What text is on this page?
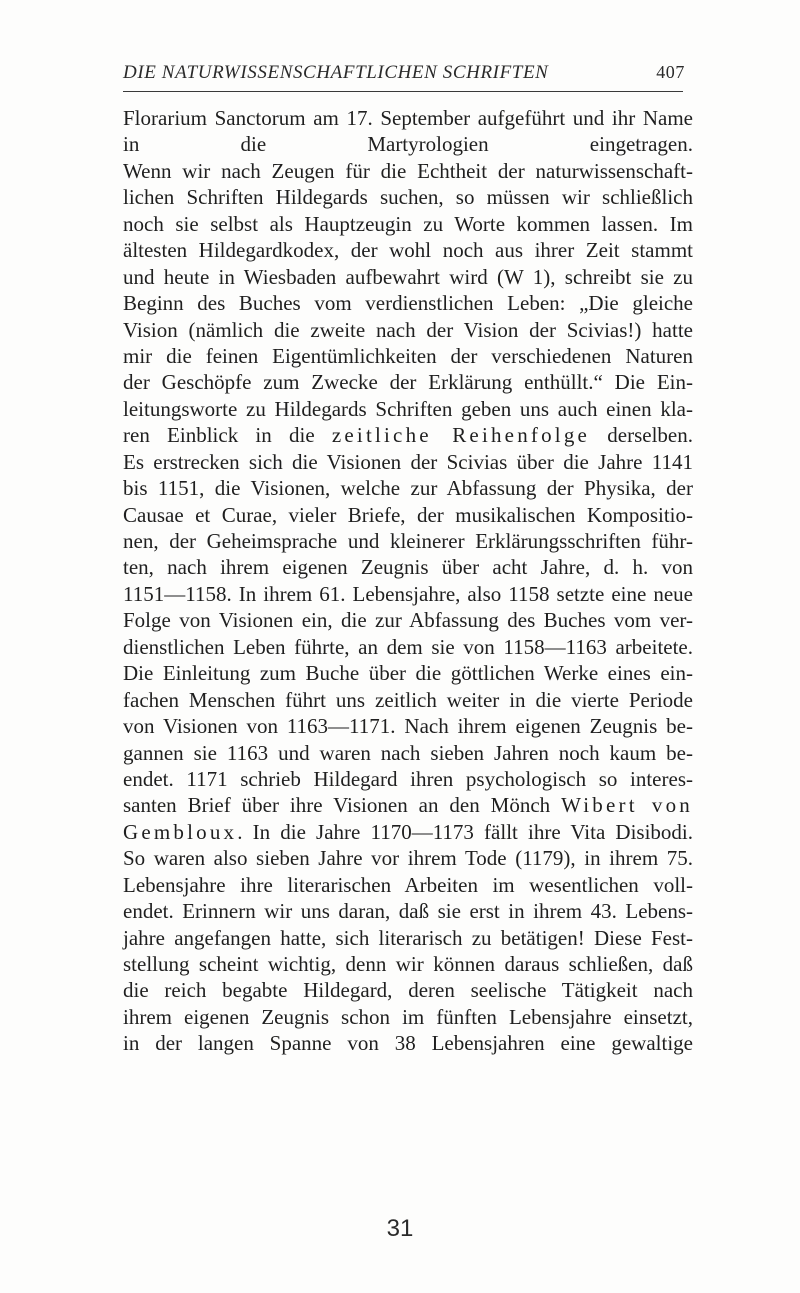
DIE NATURWISSENSCHAFTLICHEN SCHRIFTEN	407
Florarium Sanctorum am 17. September aufgeführt und ihr Name
in die Martyrologien eingetragen.
Wenn wir nach Zeugen für die Echtheit der naturwissenschaft-
lichen Schriften Hildegards suchen, so müssen wir schließlich
noch sie selbst als Hauptzeugin zu Worte kommen lassen. Im
ältesten Hildegardkodex, der wohl noch aus ihrer Zeit stammt
und heute in Wiesbaden aufbewahrt wird (W 1), schreibt sie zu
Beginn des Buches vom verdienstlichen Leben: „Die gleiche
Vision (nämlich die zweite nach der Vision der Scivias!) hatte
mir die feinen Eigentümlichkeiten der verschiedenen Naturen
der Geschöpfe zum Zwecke der Erklärung enthüllt.“ Die Ein-
leitungsworte zu Hildegards Schriften geben uns auch einen kla-
ren Einblick in die zeitliche Reihenfolge derselben.
Es erstrecken sich die Visionen der Scivias über die Jahre 1141
bis 1151, die Visionen, welche zur Abfassung der Physika, der
Causae et Curae, vieler Briefe, der musikalischen Kompositio-
nen, der Geheimsprache und kleinerer Erklärungsschriften führ-
ten, nach ihrem eigenen Zeugnis über acht Jahre, d. h. von
1151—1158. In ihrem 61. Lebensjahre, also 1158 setzte eine neue
Folge von Visionen ein, die zur Abfassung des Buches vom ver-
dienstlichen Leben führte, an dem sie von 1158—1163 arbeitete.
Die Einleitung zum Buche über die göttlichen Werke eines ein-
fachen Menschen führt uns zeitlich weiter in die vierte Periode
von Visionen von 1163—1171. Nach ihrem eigenen Zeugnis be-
gannen sie 1163 und waren nach sieben Jahren noch kaum be-
endet. 1171 schrieb Hildegard ihren psychologisch so interes-
santen Brief über ihre Visionen an den Mönch Wibert von
Gembloux. In die Jahre 1170—1173 fällt ihre Vita Disibodi.
So waren also sieben Jahre vor ihrem Tode (1179), in ihrem 75.
Lebensjahre ihre literarischen Arbeiten im wesentlichen voll-
endet. Erinnern wir uns daran, daß sie erst in ihrem 43. Lebens-
jahre angefangen hatte, sich literarisch zu betätigen! Diese Fest-
stellung scheint wichtig, denn wir können daraus schließen, daß
die reich begabte Hildegard, deren seelische Tätigkeit nach
ihrem eigenen Zeugnis schon im fünften Lebensjahre einsetzt,
in der langen Spanne von 38 Lebensjahren eine gewaltige
31
